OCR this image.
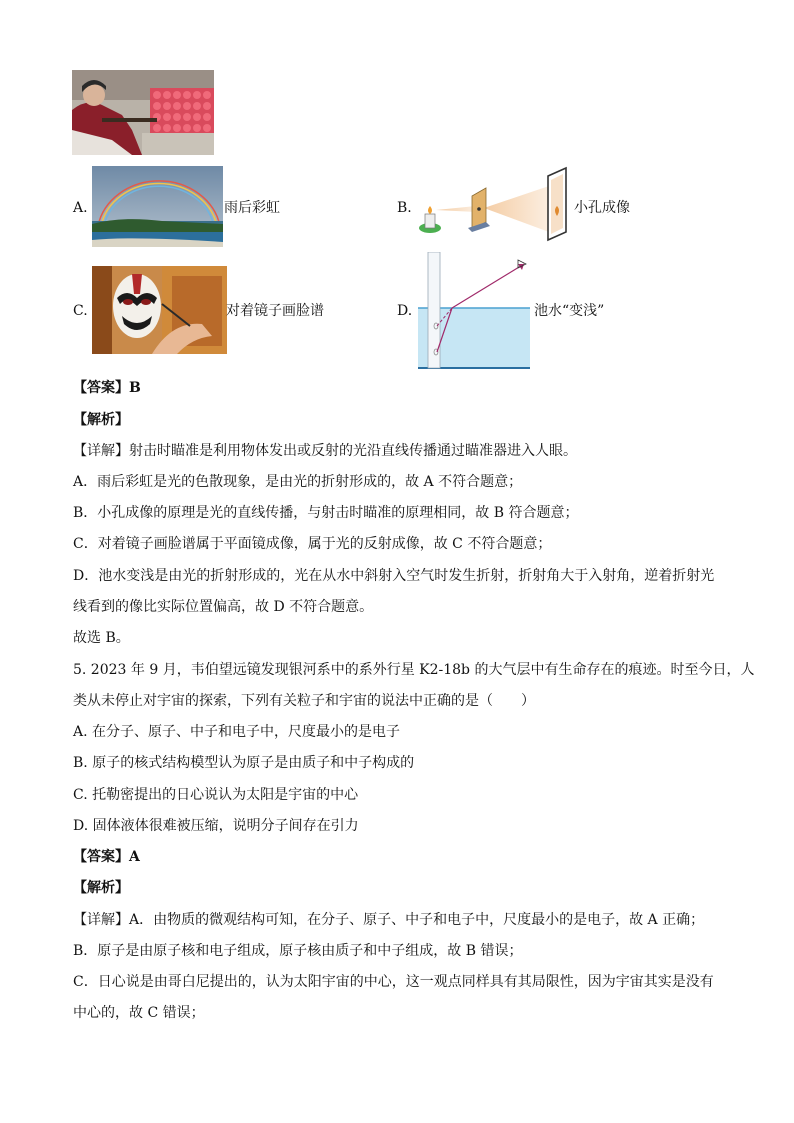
A.	雨后彩虹	B.	小孔成像
C.	对着镜子画脸谱	D.	池水“变浅”
【答案】B
【解析】
【详解】射击时瞄准是利用物体发出或反射的光沿直线传播通过瞄准器进入人眼。
A．雨后彩虹是光的色散现象，是由光的折射形成的，故 A 不符合题意；
B．小孔成像的原理是光的直线传播，与射击时瞄准的原理相同，故 B 符合题意；
C．对着镜子画脸谱属于平面镜成像，属于光的反射成像，故 C 不符合题意；
D．池水变浅是由光的折射形成的，光在从水中斜射入空气时发生折射，折射角大于入射角，逆着折射光
线看到的像比实际位置偏高，故 D 不符合题意。
故选 B。
5. 2023 年 9 月，韦伯望远镜发现银河系中的系外行星 K2-18b 的大气层中有生命存在的痕迹。时至今日，人
类从未停止对宇宙的探索，下列有关粒子和宇宙的说法中正确的是（　　）
A. 在分子、原子、中子和电子中，尺度最小的是电子
B. 原子的核式结构模型认为原子是由质子和中子构成的
C. 托勒密提出的日心说认为太阳是宇宙的中心
D. 固体液体很难被压缩，说明分子间存在引力
【答案】A
【解析】
【详解】A．由物质的微观结构可知，在分子、原子、中子和电子中，尺度最小的是电子，故 A 正确；
B．原子是由原子核和电子组成，原子核由质子和中子组成，故 B 错误；
C．日心说是由哥白尼提出的，认为太阳宇宙的中心，这一观点同样具有其局限性，因为宇宙其实是没有
中心的，故 C 错误；
